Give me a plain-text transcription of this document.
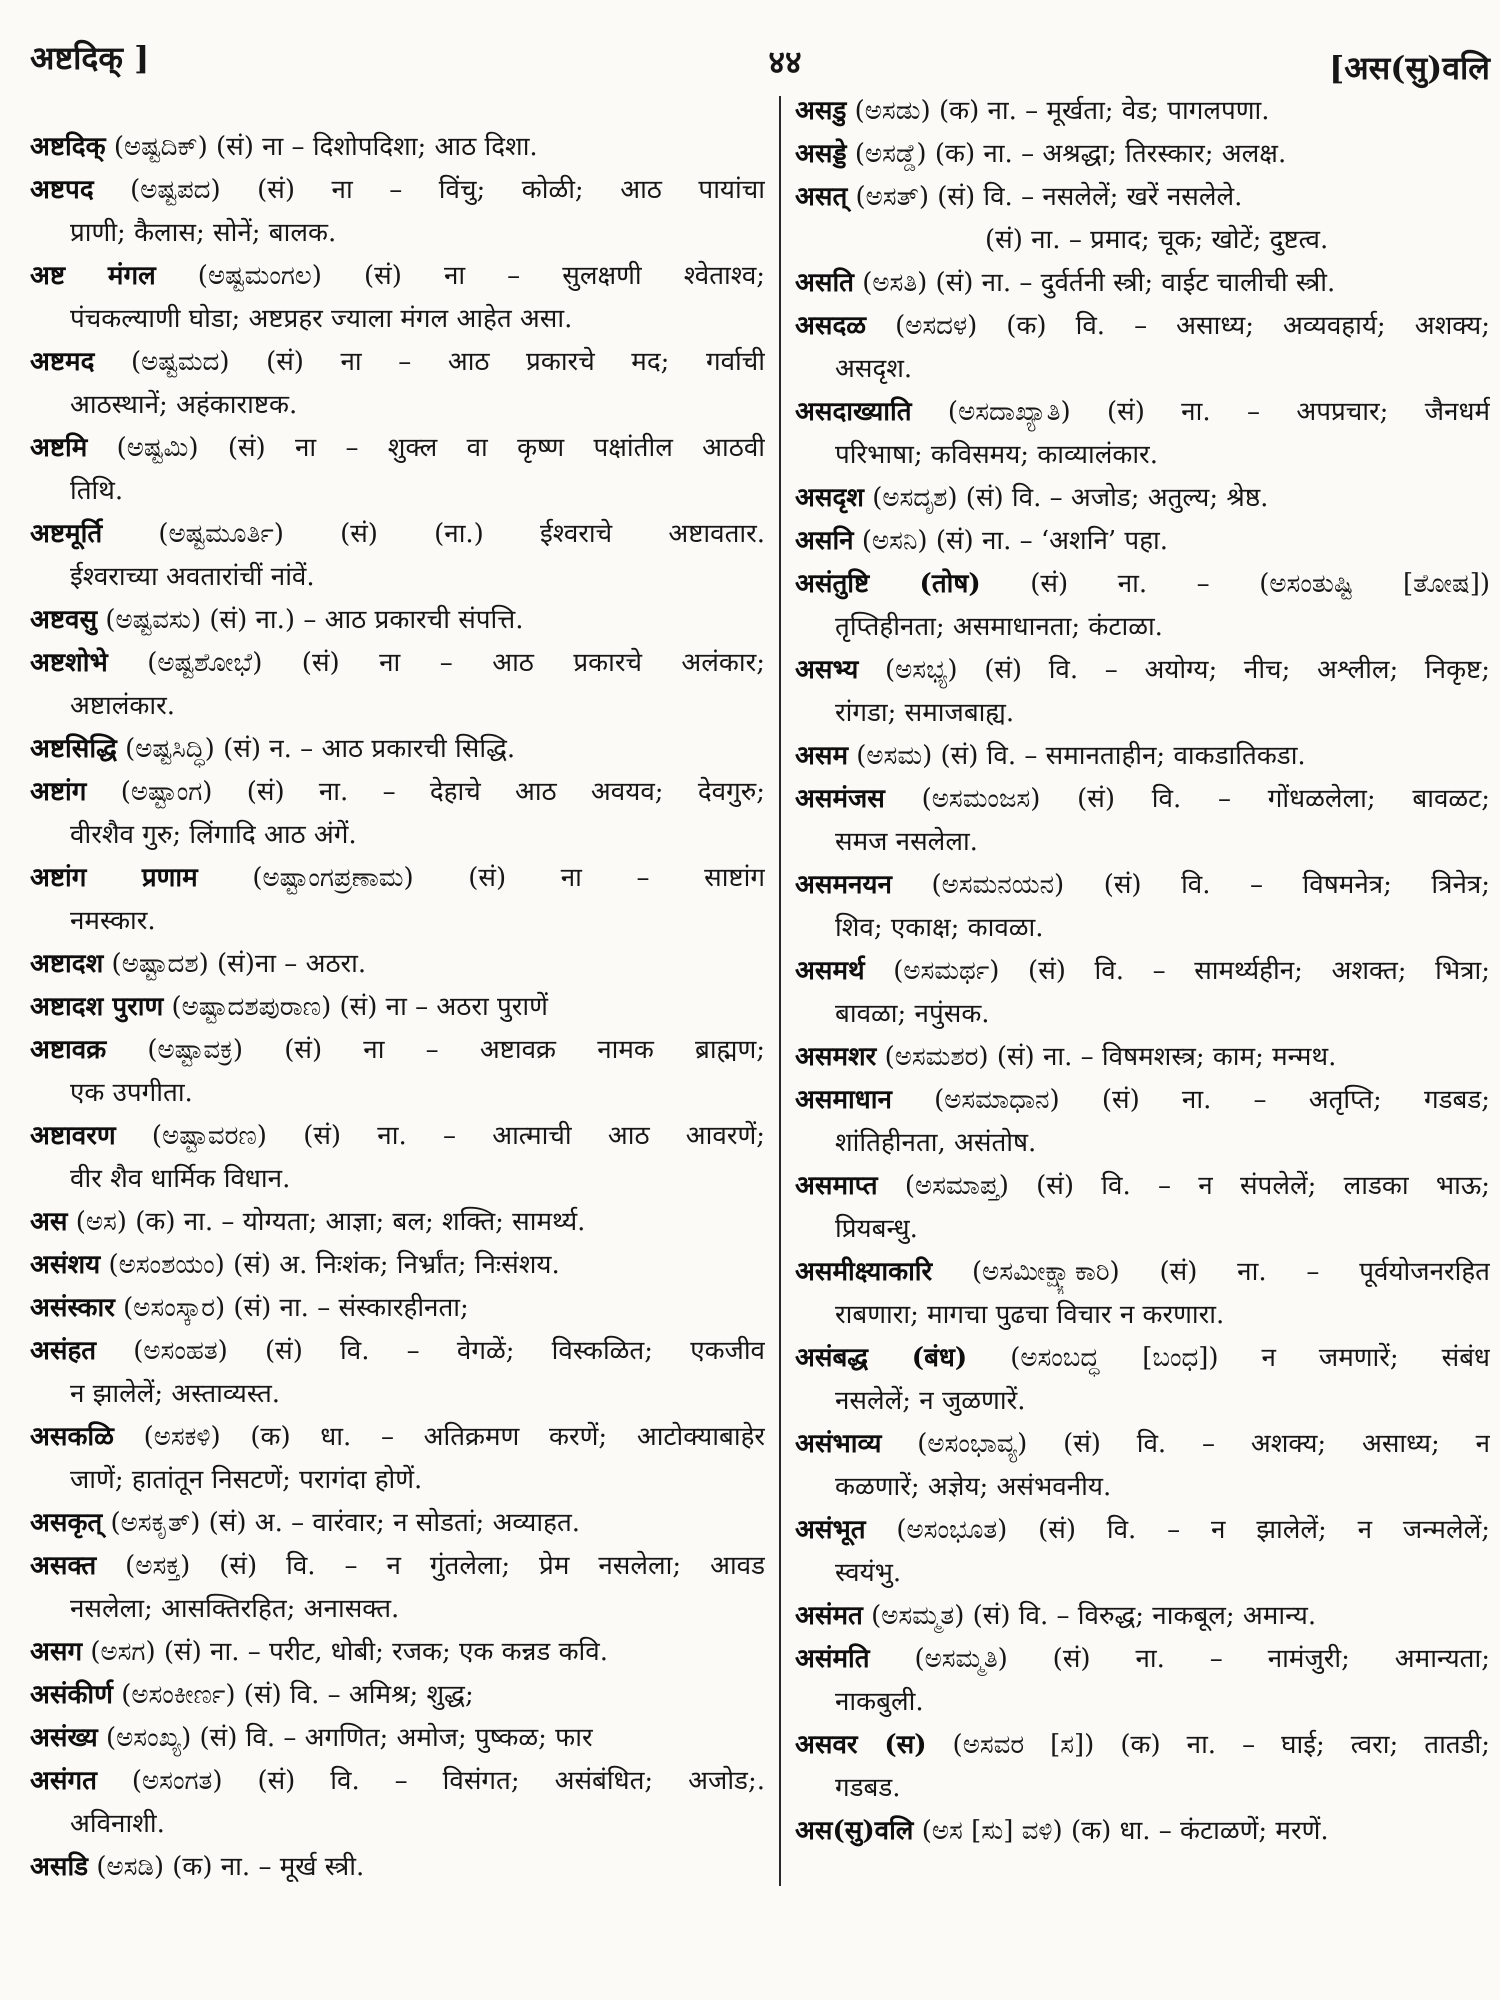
अष्टदिक् ]	४४	[अस(सु)वलि
अष्टदिक् (ಅಷ್ಟದಿಕ್) (सं) ना – दिशोपदिशा; आठ दिशा.
अष्टपद (ಅಷ್ಟಪದ) (सं) ना – विंचु; कोळी; आठ पायांचा
प्राणी; कैलास; सोनें; बालक.
अष्ट मंगल (ಅಷ್ಟಮಂಗಲ) (सं) ना – सुलक्षणी श्वेताश्व;
पंचकल्याणी घोडा; अष्टप्रहर ज्याला मंगल आहेत असा.
अष्टमद (ಅಷ್ಟಮದ) (सं) ना – आठ प्रकारचे मद; गर्वाची
आठस्थानें; अहंकाराष्टक.
अष्टमि (ಅಷ್ಟಮಿ) (सं) ना – शुक्ल वा कृष्ण पक्षांतील आठवी
तिथि.
अष्टमूर्ति (ಅಷ್ಟಮೂರ್ತಿ) (सं) (ना.) ईश्वराचे अष्टावतार.
ईश्वराच्या अवतारांचीं नांवें.
अष्टवसु (ಅಷ್ಟವಸು) (सं) ना.) – आठ प्रकारची संपत्ति.
अष्टशोभे (ಅಷ್ಟಶೋಭೆ) (सं) ना – आठ प्रकारचे अलंकार;
अष्टालंकार.
अष्टसिद्धि (ಅಷ್ಟಸಿದ್ಧಿ) (सं) न. – आठ प्रकारची सिद्धि.
अष्टांग (ಅಷ್ಟಾಂಗ) (सं) ना. – देहाचे आठ अवयव; देवगुरु;
वीरशैव गुरु; लिंगादि आठ अंगें.
अष्टांग प्रणाम (ಅಷ್ಟಾಂಗಪ್ರಣಾಮ) (सं) ना – साष्टांग
नमस्कार.
अष्टादश (ಅಷ್ಟಾದಶ) (सं)ना – अठरा.
अष्टादश पुराण (ಅಷ್ಟಾದಶಪುರಾಣ) (सं) ना – अठरा पुराणें
अष्टावक्र (ಅಷ್ಟಾವಕ್ರ) (सं) ना – अष्टावक्र नामक ब्राह्मण;
एक उपगीता.
अष्टावरण (ಅಷ್ಟಾವರಣ) (सं) ना. – आत्माची आठ आवरणें;
वीर शैव धार्मिक विधान.
अस (ಅಸ) (क) ना. – योग्यता; आज्ञा; बल; शक्ति; सामर्थ्य.
असंशय (ಅಸಂಶಯಂ) (सं) अ. निःशंक; निर्भ्रांत; निःसंशय.
असंस्कार (ಅಸಂಸ್ಕಾರ) (सं) ना. – संस्कारहीनता;
असंहत (ಅಸಂಹತ) (सं) वि. – वेगळें; विस्कळित; एकजीव
न झालेलें; अस्ताव्यस्त.
असकळि (ಅಸಕಳಿ) (क) धा. – अतिक्रमण करणें; आटोक्याबाहेर
जाणें; हातांतून निसटणें; परागंदा होणें.
असकृत् (ಅಸಕೃತ್) (सं) अ. – वारंवार; न सोडतां; अव्याहत.
असक्त (ಅಸಕ್ತ) (सं) वि. – न गुंतलेला; प्रेम नसलेला; आवड
नसलेला; आसक्तिरहित; अनासक्त.
असग (ಅಸಗ) (सं) ना. – परीट, धोबी; रजक; एक कन्नड कवि.
असंकीर्ण (ಅಸಂಕೀರ್ಣ) (सं) वि. – अमिश्र; शुद्ध;
असंख्य (ಅಸಂಖ್ಯ) (सं) वि. – अगणित; अमोज; पुष्कळ; फार
असंगत (ಅಸಂಗತ) (सं) वि. – विसंगत; असंबंधित; अजोड;.
अविनाशी.
असडि (ಅಸಡಿ) (क) ना. – मूर्ख स्त्री.
असडु (ಅಸಡು) (क) ना. – मूर्खता; वेड; पागलपणा.
असड्डे (ಅಸಡ್ಡೆ) (क) ना. – अश्रद्धा; तिरस्कार; अलक्ष.
असत् (ಅಸತ್) (सं) वि. – नसलेलें; खरें नसलेले.
(सं) ना. – प्रमाद; चूक; खोटें; दुष्टत्व.
असति (ಅಸತಿ) (सं) ना. – दुर्वर्तनी स्त्री; वाईट चालीची स्त्री.
असदळ (ಅಸದಳ) (क) वि. – असाध्य; अव्यवहार्य; अशक्य;
असदृश.
असदाख्याति (ಅಸದಾಖ್ಯಾತಿ) (सं) ना. – अपप्रचार; जैनधर्म
परिभाषा; कविसमय; काव्यालंकार.
असदृश (ಅಸದೃಶ) (सं) वि. – अजोड; अतुल्य; श्रेष्ठ.
असनि (ಅಸನಿ) (सं) ना. – ‘अशनि’ पहा.
असंतुष्टि (तोष) (सं) ना. – (ಅಸಂತುಷ್ಟಿ [ತೋಷ])
तृप्तिहीनता; असमाधानता; कंटाळा.
असभ्य (ಅಸಭ್ಯ) (सं) वि. – अयोग्य; नीच; अश्लील; निकृष्ट;
रांगडा; समाजबाह्य.
असम (ಅಸಮ) (सं) वि. – समानताहीन; वाकडातिकडा.
असमंजस (ಅಸಮಂಜಸ) (सं) वि. – गोंधळलेला; बावळट;
समज नसलेला.
असमनयन (ಅಸಮನಯನ) (सं) वि. – विषमनेत्र; त्रिनेत्र;
शिव; एकाक्ष; कावळा.
असमर्थ (ಅಸಮರ್ಥ) (सं) वि. – सामर्थ्यहीन; अशक्त; भित्रा;
बावळा; नपुंसक.
असमशर (ಅಸಮಶರ) (सं) ना. – विषमशस्त्र; काम; मन्मथ.
असमाधान (ಅಸಮಾಧಾನ) (सं) ना. – अतृप्ति; गडबड;
शांतिहीनता, असंतोष.
असमाप्त (ಅಸಮಾಪ್ತ) (सं) वि. – न संपलेलें; लाडका भाऊ;
प्रियबन्धु.
असमीक्ष्याकारि (ಅಸಮೀಕ್ಷ್ಯಾಕಾರಿ) (सं) ना. – पूर्वयोजनरहित
राबणारा; मागचा पुढचा विचार न करणारा.
असंबद्ध (बंध) (ಅಸಂಬದ್ಧ [ಬಂಧ]) न जमणारें; संबंध
नसलेलें; न जुळणारें.
असंभाव्य (ಅಸಂಭಾವ್ಯ) (सं) वि. – अशक्य; असाध्य; न
कळणारें; अज्ञेय; असंभवनीय.
असंभूत (ಅಸಂಭೂತ) (सं) वि. – न झालेलें; न जन्मलेलें;
स्वयंभु.
असंमत (ಅಸಮ್ಮತ) (सं) वि. – विरुद्ध; नाकबूल; अमान्य.
असंमति (ಅಸಮ್ಮತಿ) (सं) ना. – नामंजुरी; अमान्यता;
नाकबुली.
असवर (स) (ಅಸವರ [ಸ]) (क) ना. – घाई; त्वरा; तातडी;
गडबड.
अस(सु)वलि (ಅಸ [ಸು] ವಳಿ) (क) धा. – कंटाळणें; मरणें.
